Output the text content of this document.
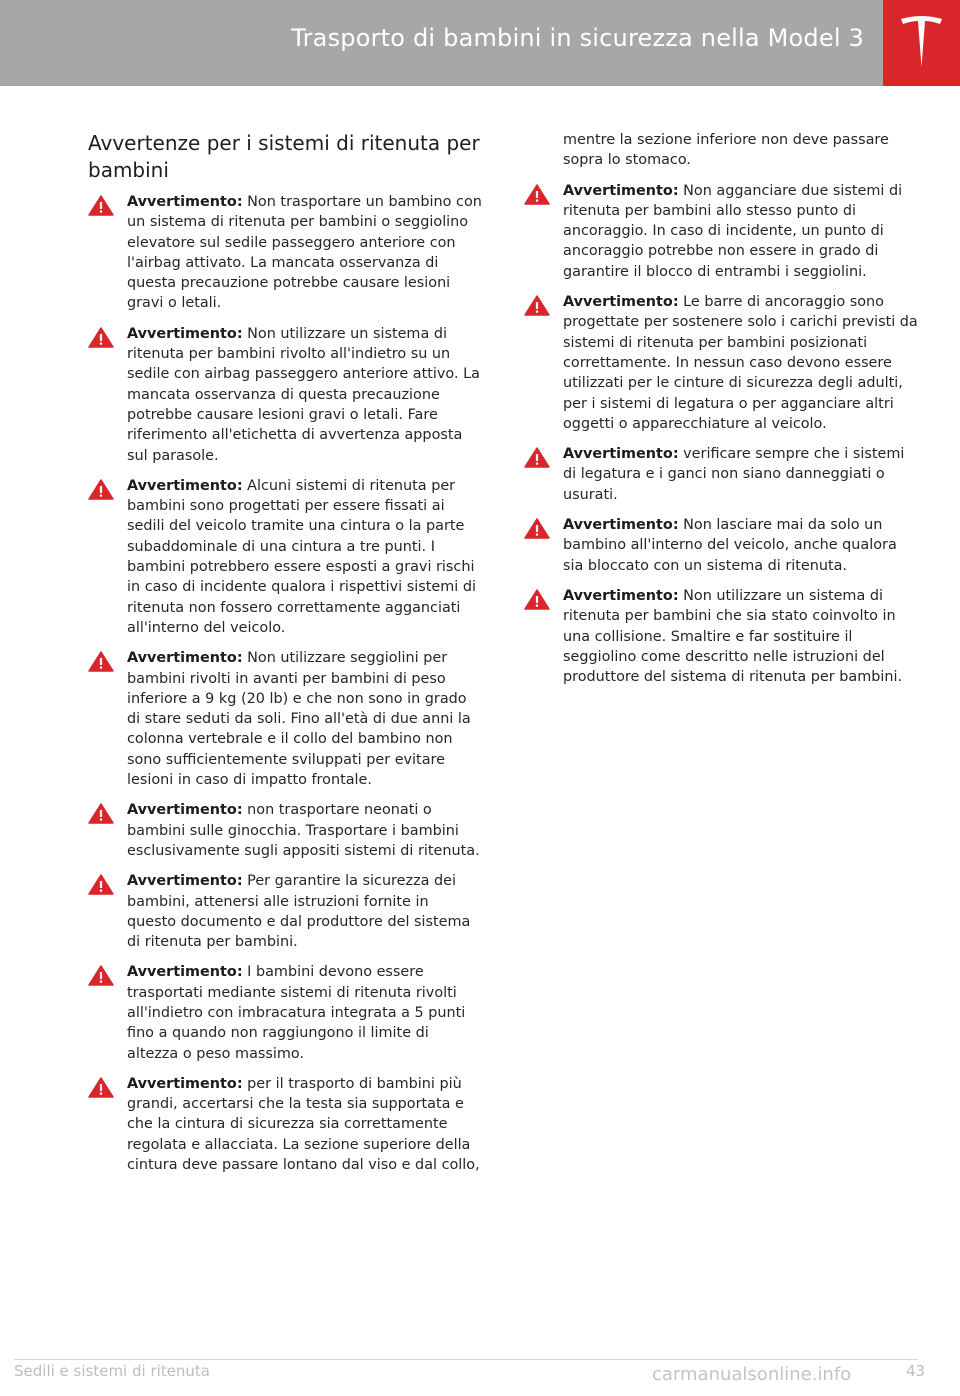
Trasporto di bambini in sicurezza nella Model 3
Avvertenze per i sistemi di ritenuta per bambini
Avvertimento: Non trasportare un bambino con un sistema di ritenuta per bambini o seggiolino elevatore sul sedile passeggero anteriore con l'airbag attivato. La mancata osservanza di questa precauzione potrebbe causare lesioni gravi o letali.
Avvertimento: Non utilizzare un sistema di ritenuta per bambini rivolto all'indietro su un sedile con airbag passeggero anteriore attivo. La mancata osservanza di questa precauzione potrebbe causare lesioni gravi o letali. Fare riferimento all'etichetta di avvertenza apposta sul parasole.
Avvertimento: Alcuni sistemi di ritenuta per bambini sono progettati per essere fissati ai sedili del veicolo tramite una cintura o la parte subaddominale di una cintura a tre punti. I bambini potrebbero essere esposti a gravi rischi in caso di incidente qualora i rispettivi sistemi di ritenuta non fossero correttamente agganciati all'interno del veicolo.
Avvertimento: Non utilizzare seggiolini per bambini rivolti in avanti per bambini di peso inferiore a 9 kg (20 lb) e che non sono in grado di stare seduti da soli. Fino all'età di due anni la colonna vertebrale e il collo del bambino non sono sufficientemente sviluppati per evitare lesioni in caso di impatto frontale.
Avvertimento: non trasportare neonati o bambini sulle ginocchia. Trasportare i bambini esclusivamente sugli appositi sistemi di ritenuta.
Avvertimento: Per garantire la sicurezza dei bambini, attenersi alle istruzioni fornite in questo documento e dal produttore del sistema di ritenuta per bambini.
Avvertimento: I bambini devono essere trasportati mediante sistemi di ritenuta rivolti all'indietro con imbracatura integrata a 5 punti fino a quando non raggiungono il limite di altezza o peso massimo.
Avvertimento: per il trasporto di bambini più grandi, accertarsi che la testa sia supportata e che la cintura di sicurezza sia correttamente regolata e allacciata. La sezione superiore della cintura deve passare lontano dal viso e dal collo,
mentre la sezione inferiore non deve passare sopra lo stomaco.
Avvertimento: Non agganciare due sistemi di ritenuta per bambini allo stesso punto di ancoraggio. In caso di incidente, un punto di ancoraggio potrebbe non essere in grado di garantire il blocco di entrambi i seggiolini.
Avvertimento: Le barre di ancoraggio sono progettate per sostenere solo i carichi previsti da sistemi di ritenuta per bambini posizionati correttamente. In nessun caso devono essere utilizzati per le cinture di sicurezza degli adulti, per i sistemi di legatura o per agganciare altri oggetti o apparecchiature al veicolo.
Avvertimento: verificare sempre che i sistemi di legatura e i ganci non siano danneggiati o usurati.
Avvertimento: Non lasciare mai da solo un bambino all'interno del veicolo, anche qualora sia bloccato con un sistema di ritenuta.
Avvertimento: Non utilizzare un sistema di ritenuta per bambini che sia stato coinvolto in una collisione. Smaltire e far sostituire il seggiolino come descritto nelle istruzioni del produttore del sistema di ritenuta per bambini.
Sedili e sistemi di ritenuta	carmanualsonline.info	43
